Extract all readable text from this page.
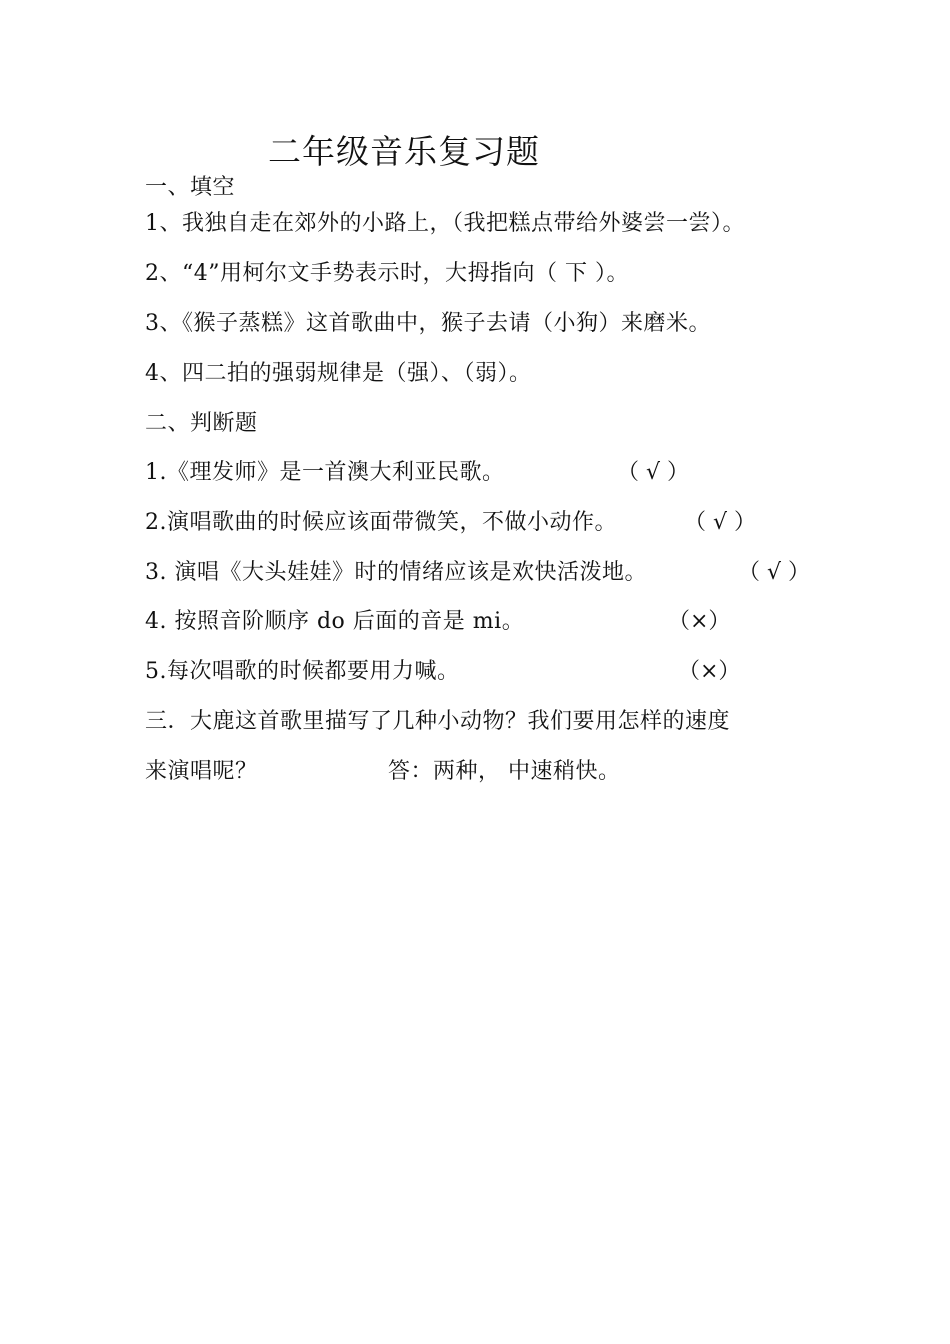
二年级音乐复习题
一、填空
1、我独自走在郊外的小路上，（我把糕点带给外婆尝一尝）。
2、“4”用柯尔文手势表示时，大拇指向（ 下 ）。
3、《猴子蒸糕》这首歌曲中，猴子去请（小狗）来磨米。
4、四二拍的强弱规律是（强）、（弱）。
二、判断题
1.《理发师》是一首澳大利亚民歌。	（ √ ）
2.演唱歌曲的时候应该面带微笑，不做小动作。	（ √ ）
3. 演唱《大头娃娃》时的情绪应该是欢快活泼地。	（ √ ）
4. 按照音阶顺序 do 后面的音是 mi。	（×）
5.每次唱歌的时候都要用力喊。	（×）
三．大鹿这首歌里描写了几种小动物？我们要用怎样的速度
来演唱呢？	答：两种， 中速稍快。
